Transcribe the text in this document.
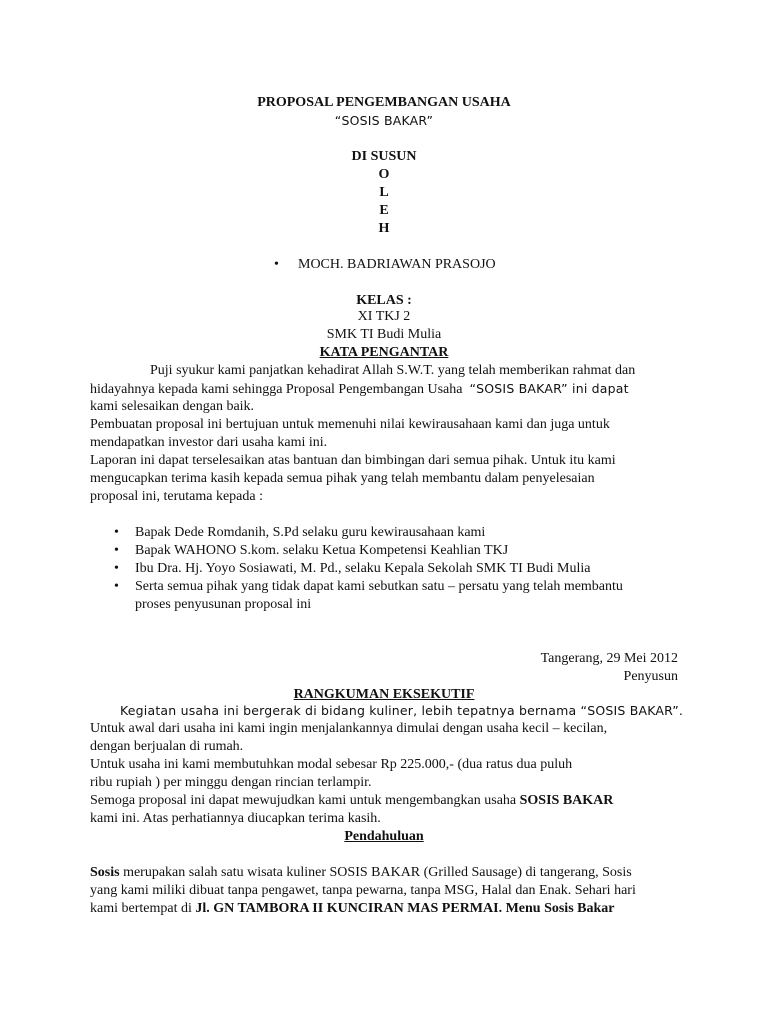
PROPOSAL PENGEMBANGAN USAHA
“SOSIS BAKAR”
DI SUSUN
O
L
E
H
• MOCH. BADRIAWAN PRASOJO
KELAS :
XI TKJ 2
SMK TI Budi Mulia
KATA PENGANTAR
Puji syukur kami panjatkan kehadirat Allah S.W.T. yang telah memberikan rahmat dan
hidayahnya kepada kami sehingga Proposal Pengembangan Usaha “SOSIS BAKAR” ini dapat
kami selesaikan dengan baik.
Pembuatan proposal ini bertujuan untuk memenuhi nilai kewirausahaan kami dan juga untuk
mendapatkan investor dari usaha kami ini.
Laporan ini dapat terselesaikan atas bantuan dan bimbingan dari semua pihak. Untuk itu kami
mengucapkan terima kasih kepada semua pihak yang telah membantu dalam penyelesaian
proposal ini, terutama kepada :
• Bapak Dede Romdanih, S.Pd selaku guru kewirausahaan kami
• Bapak WAHONO S.kom. selaku Ketua Kompetensi Keahlian TKJ
• Ibu Dra. Hj. Yoyo Sosiawati, M. Pd., selaku Kepala Sekolah SMK TI Budi Mulia
• Serta semua pihak yang tidak dapat kami sebutkan satu – persatu yang telah membantu
proses penyusunan proposal ini
Tangerang, 29 Mei 2012
Penyusun
RANGKUMAN EKSEKUTIF
Kegiatan usaha ini bergerak di bidang kuliner, lebih tepatnya bernama “SOSIS BAKAR”.
Untuk awal dari usaha ini kami ingin menjalankannya dimulai dengan usaha kecil – kecilan,
dengan berjualan di rumah.
Untuk usaha ini kami membutuhkan modal sebesar Rp 225.000,- (dua ratus dua puluh
ribu rupiah ) per minggu dengan rincian terlampir.
Semoga proposal ini dapat mewujudkan kami untuk mengembangkan usaha SOSIS BAKAR
kami ini. Atas perhatiannya diucapkan terima kasih.
Pendahuluan
Sosis merupakan salah satu wisata kuliner SOSIS BAKAR (Grilled Sausage) di tangerang, Sosis
yang kami miliki dibuat tanpa pengawet, tanpa pewarna, tanpa MSG, Halal dan Enak. Sehari hari
kami bertempat di Jl. GN TAMBORA II KUNCIRAN MAS PERMAI. Menu Sosis Bakar
